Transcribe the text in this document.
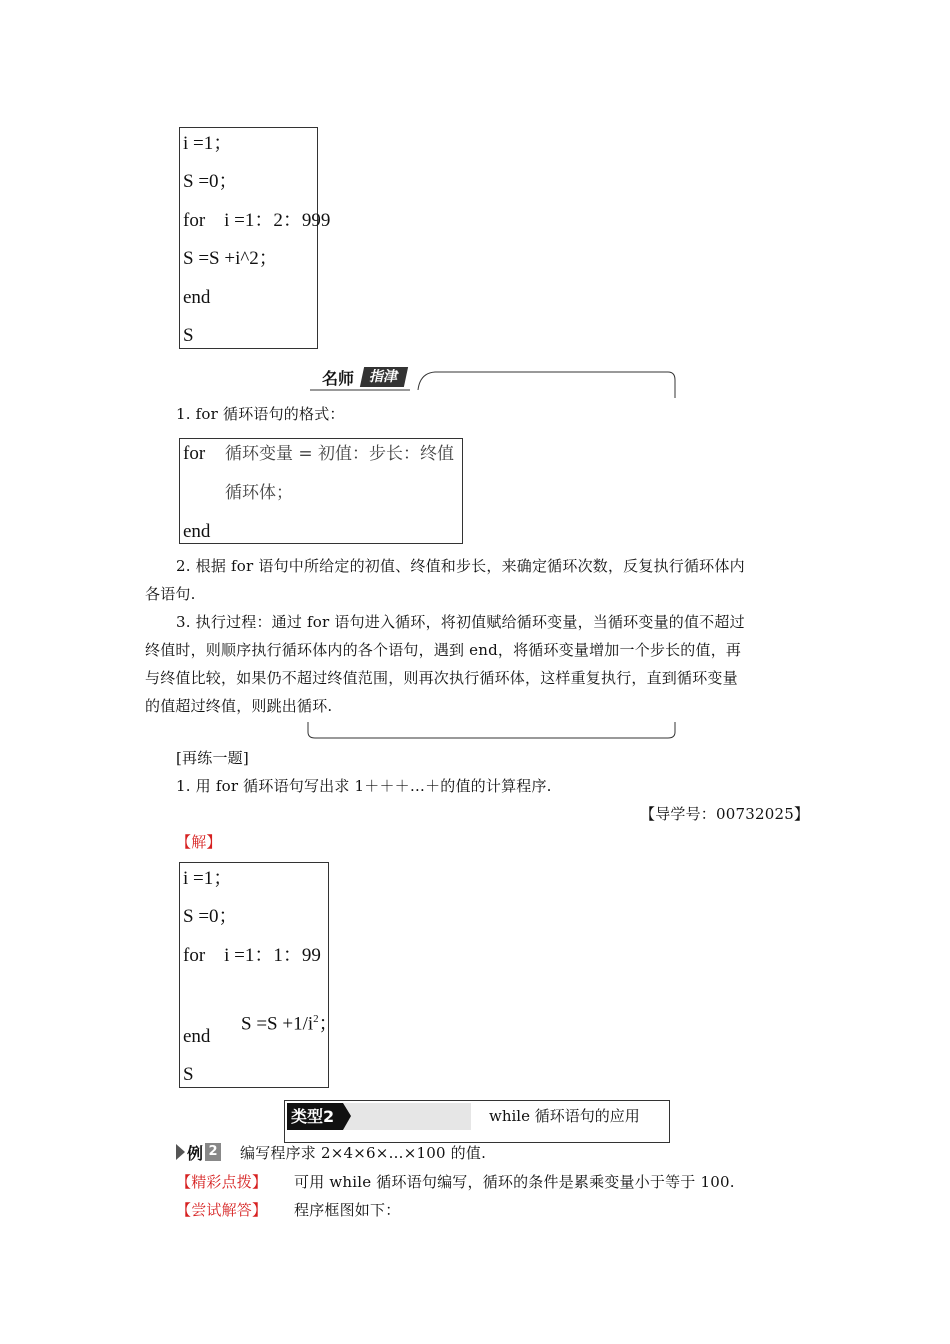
i =1；
S =0；
for    i =1：2：999
S =S +i^2；
end
S
名师	指津
1. for 循环语句的格式：
for 循环变量 = 初值：步长：终值
循环体；
end
2. 根据 for 语句中所给定的初值、终值和步长，来确定循环次数，反复执行循环体内
各语句.
3. 执行过程：通过 for 语句进入循环，将初值赋给循环变量，当循环变量的值不超过
终值时，则顺序执行循环体内的各个语句，遇到 end，将循环变量增加一个步长的值，再
与终值比较，如果仍不超过终值范围，则再次执行循环体，这样重复执行，直到循环变量
的值超过终值，则跳出循环.
[再练一题]
1. 用 for 循环语句写出求 1＋＋＋…＋的值的计算程序.
【导学号：00732025】
【解】
i =1；
S =0；
for    i =1：1：99

$S =S +1/i^2$；

end
S
类型2	while 循环语句的应用
例 2 编写程序求 2×4×6×…×100 的值.
【精彩点拨】 可用 while 循环语句编写，循环的条件是累乘变量小于等于 100.
【尝试解答】 程序框图如下：
